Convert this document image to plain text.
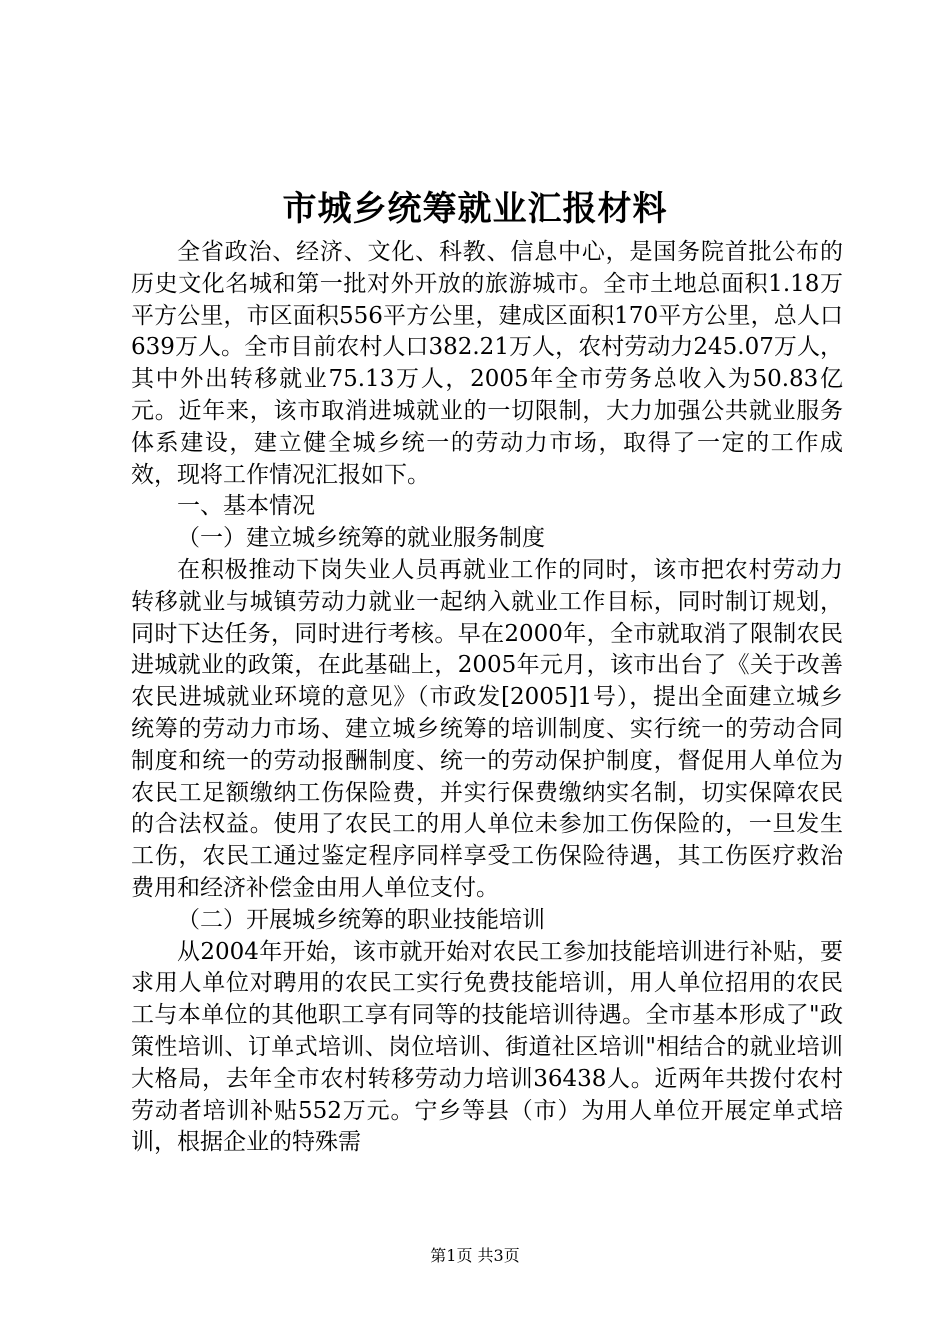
市城乡统筹就业汇报材料

全省政治、经济、文化、科教、信息中心，是国务院首批公布的历史文化名城和第一批对外开放的旅游城市。全市土地总面积1.18万平方公里，市区面积556平方公里，建成区面积170平方公里，总人口639万人。全市目前农村人口382.21万人，农村劳动力245.07万人，其中外出转移就业75.13万人，2005年全市劳务总收入为50.83亿元。近年来，该市取消进城就业的一切限制，大力加强公共就业服务体系建设，建立健全城乡统一的劳动力市场，取得了一定的工作成效，现将工作情况汇报如下。

一、基本情况

（一）建立城乡统筹的就业服务制度

在积极推动下岗失业人员再就业工作的同时，该市把农村劳动力转移就业与城镇劳动力就业一起纳入就业工作目标，同时制订规划，同时下达任务，同时进行考核。早在2000年，全市就取消了限制农民进城就业的政策，在此基础上，2005年元月，该市出台了《关于改善农民进城就业环境的意见》（市政发[2005]1号），提出全面建立城乡统筹的劳动力市场、建立城乡统筹的培训制度、实行统一的劳动合同制度和统一的劳动报酬制度、统一的劳动保护制度，督促用人单位为农民工足额缴纳工伤保险费，并实行保费缴纳实名制，切实保障农民的合法权益。使用了农民工的用人单位未参加工伤保险的，一旦发生工伤，农民工通过鉴定程序同样享受工伤保险待遇，其工伤医疗救治费用和经济补偿金由用人单位支付。

（二）开展城乡统筹的职业技能培训

从2004年开始，该市就开始对农民工参加技能培训进行补贴，要求用人单位对聘用的农民工实行免费技能培训，用人单位招用的农民工与本单位的其他职工享有同等的技能培训待遇。全市基本形成了"政策性培训、订单式培训、岗位培训、街道社区培训"相结合的就业培训大格局，去年全市农村转移劳动力培训36438人。近两年共拨付农村劳动者培训补贴552万元。宁乡等县（市）为用人单位开展定单式培训，根据企业的特殊需

第1页 共3页
